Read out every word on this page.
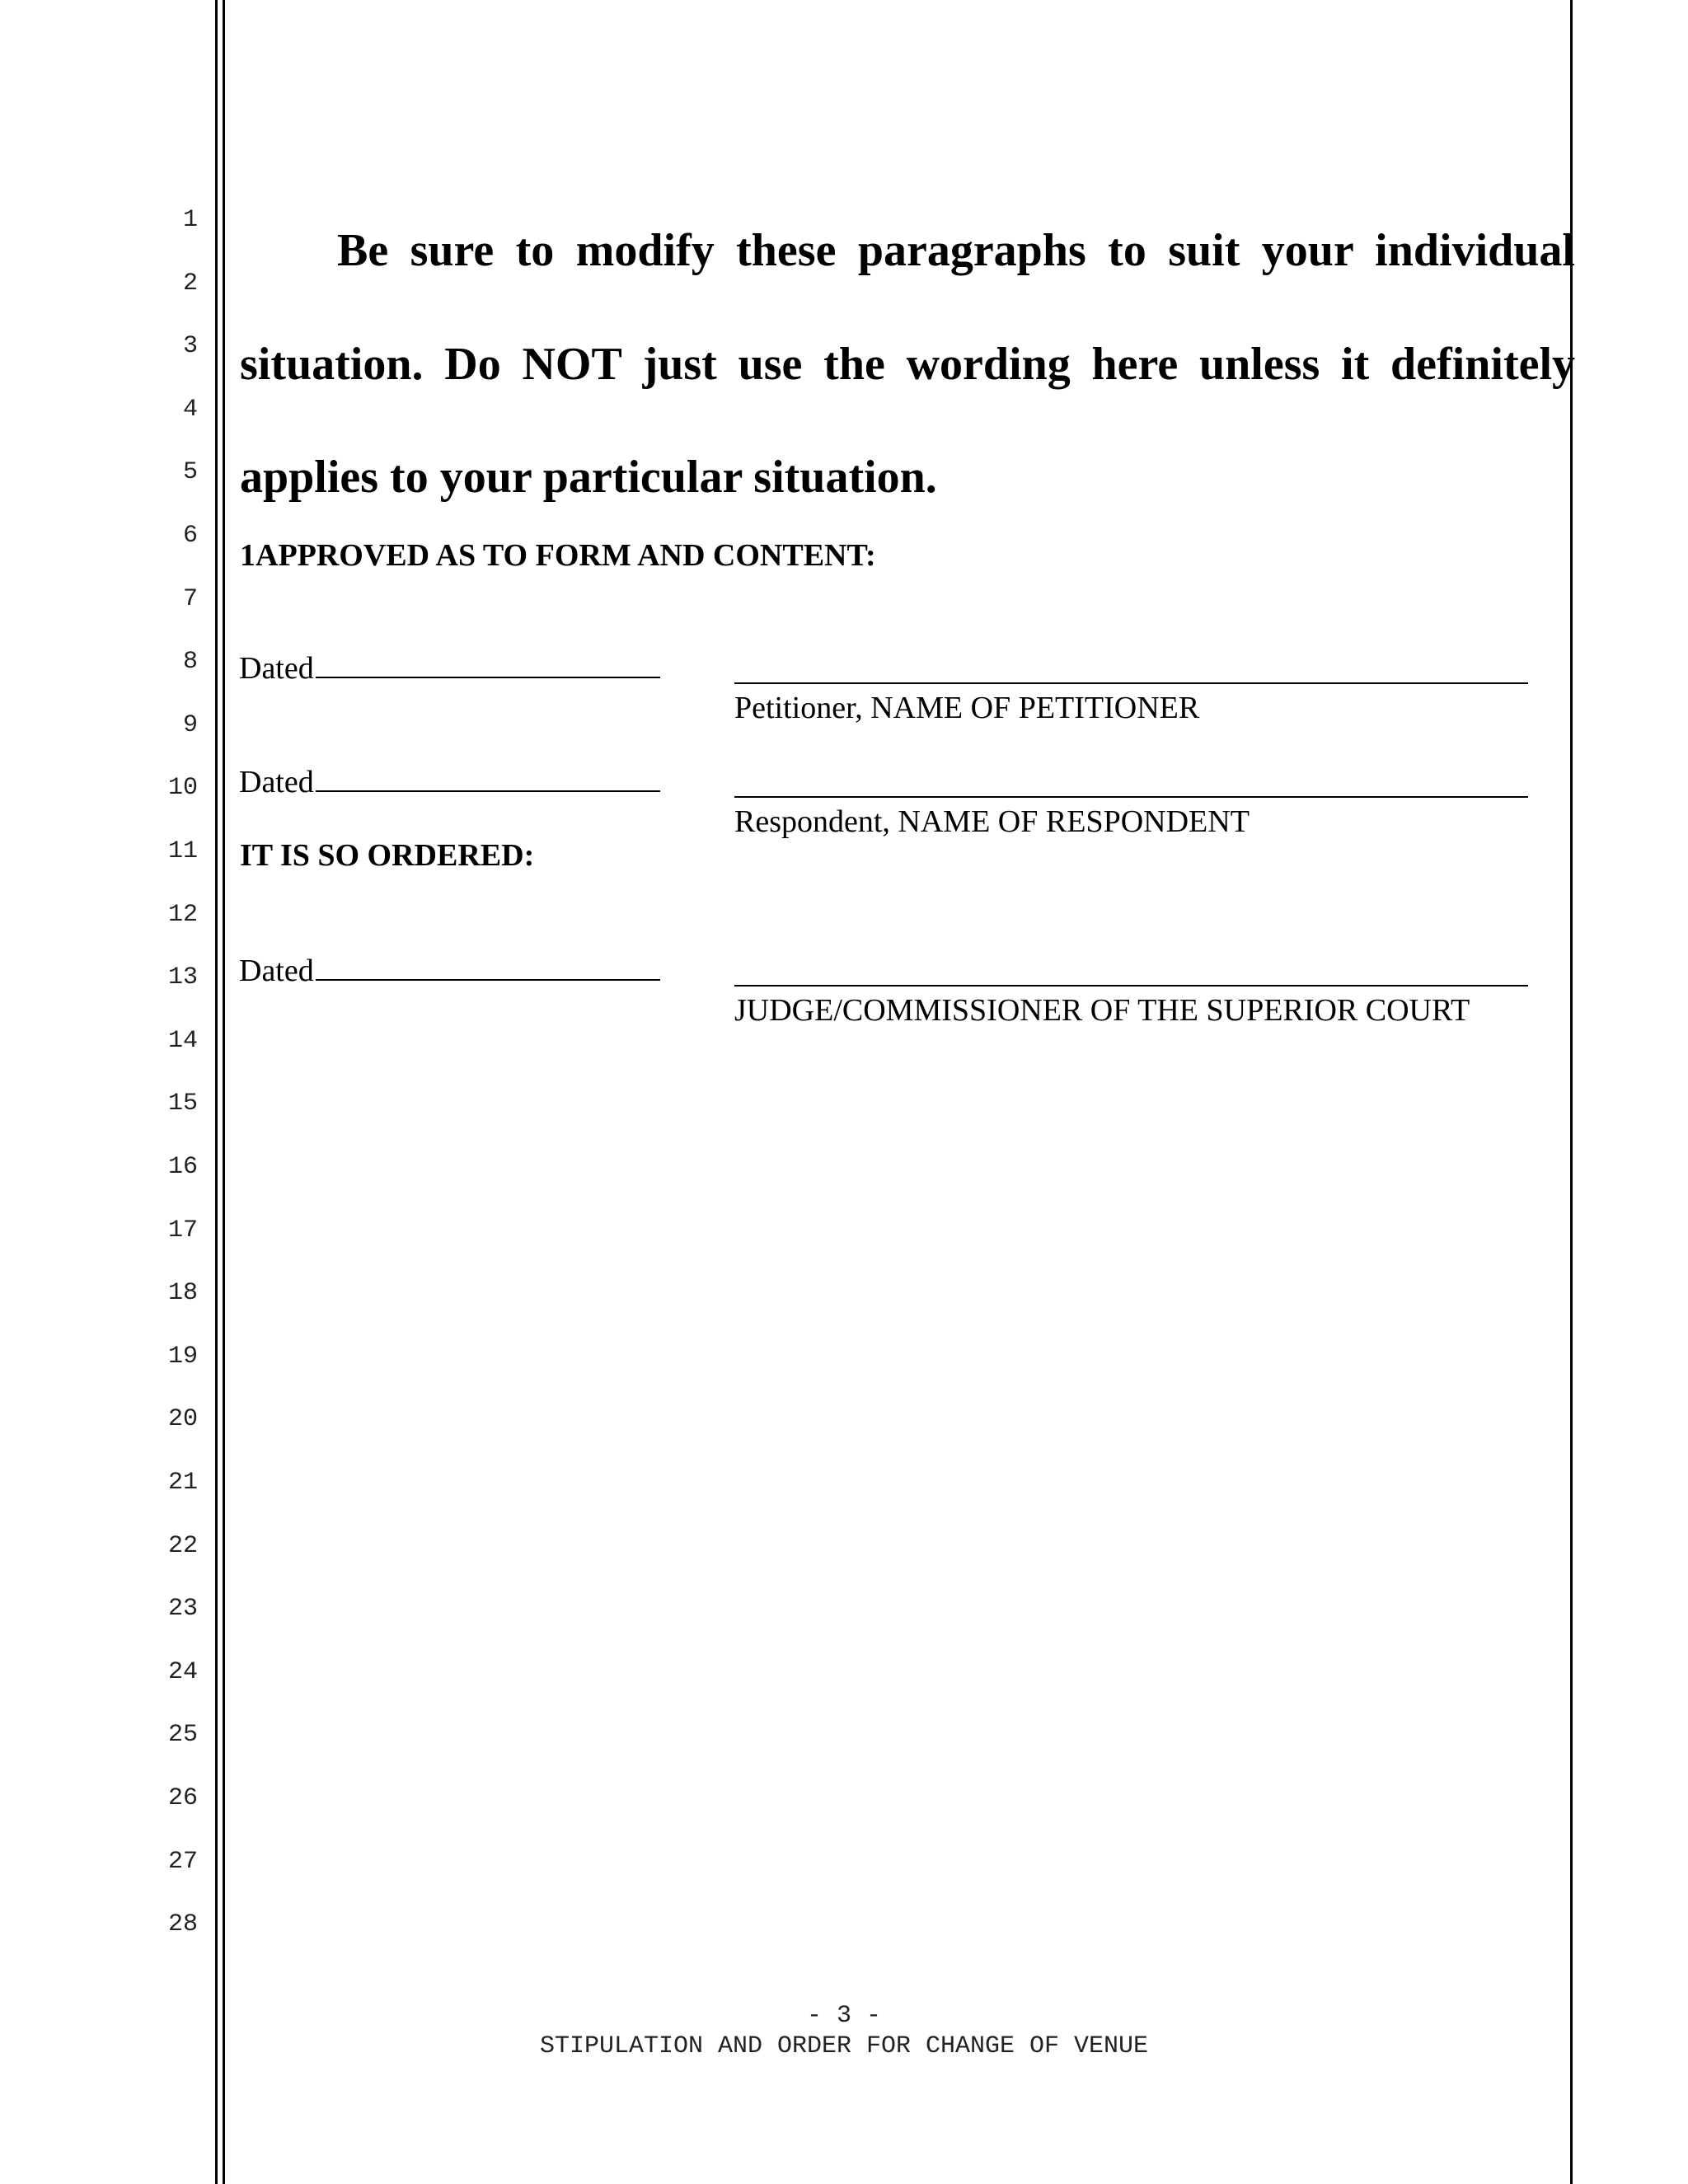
1
2
3
4
5
6
7
8
9
10
11
12
13
14
15
16
17
18
19
20
21
22
23
24
25
26
27
28

Be sure to modify these paragraphs to suit your individual situation. Do NOT just use the wording here unless it definitely applies to your particular situation.

1APPROVED AS TO FORM AND CONTENT:
Dated
Petitioner, NAME OF PETITIONER
Dated
Respondent, NAME OF RESPONDENT
IT IS SO ORDERED:
Dated
JUDGE/COMMISSIONER OF THE SUPERIOR COURT
- 3 -
STIPULATION AND ORDER FOR CHANGE OF VENUE
